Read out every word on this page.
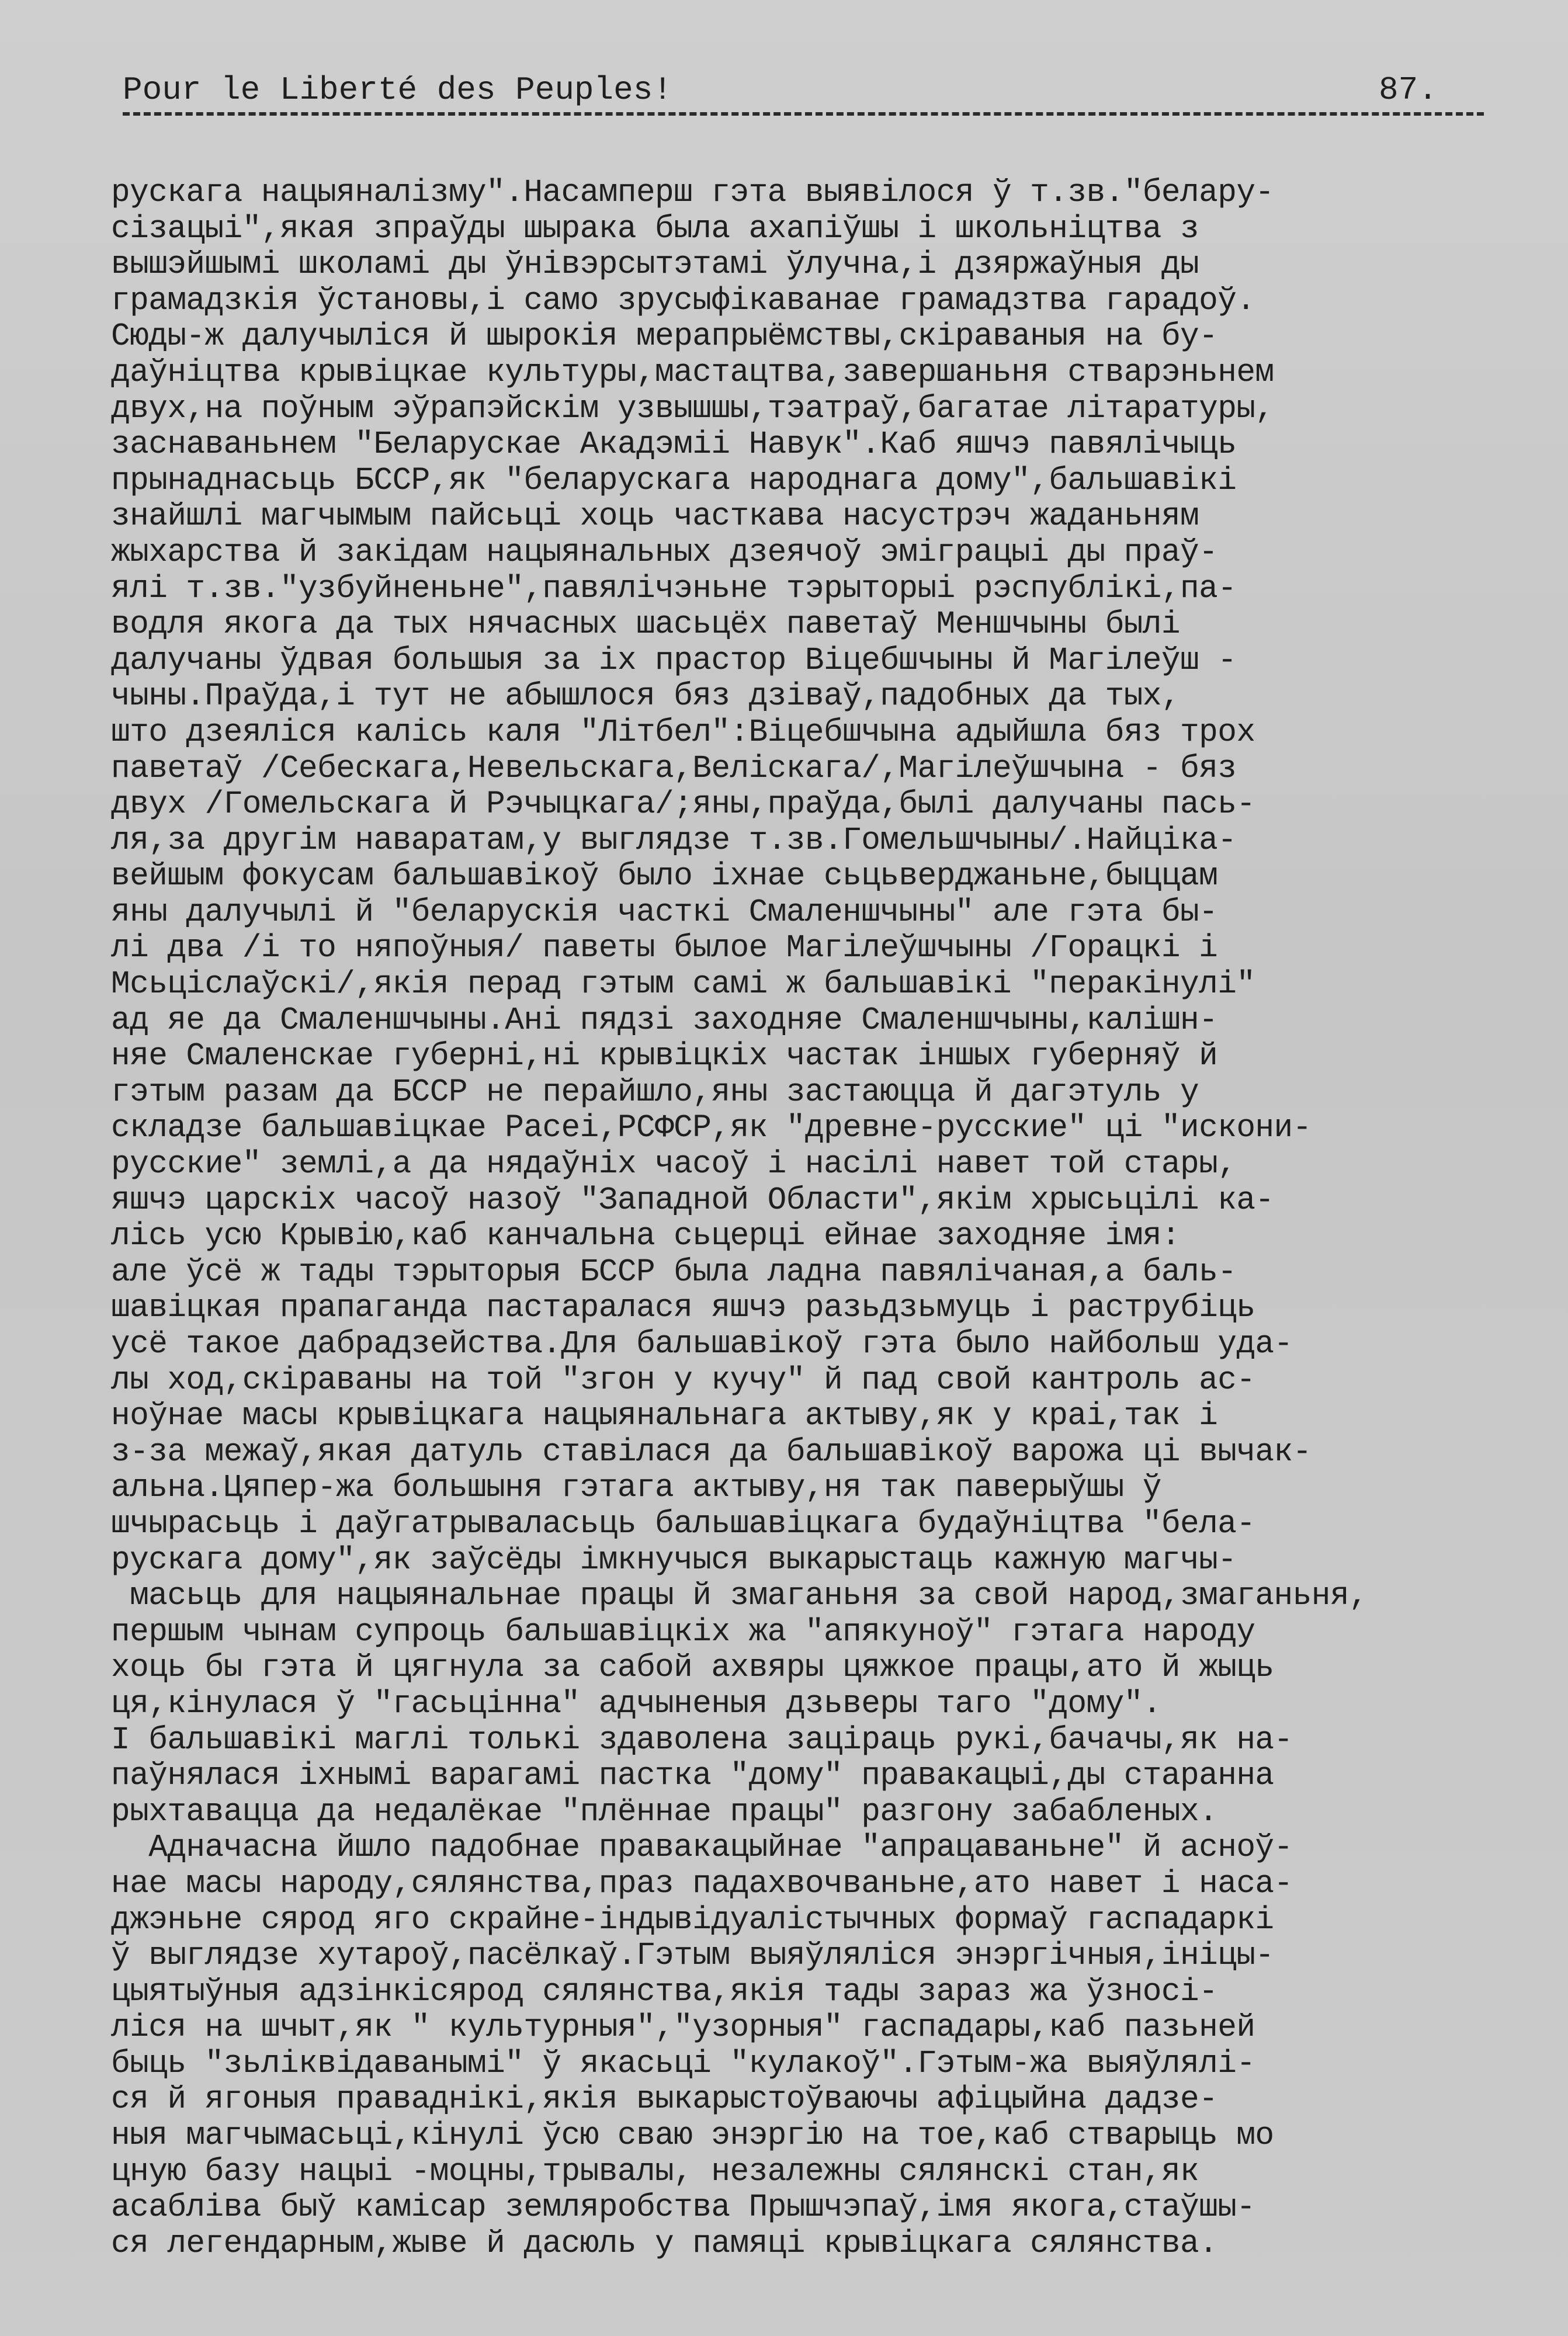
Pour le Liberté des Peuples!	87.
рускага нацыяналізму".Насамперш гэта выявілося ў т.зв."белару-
сізацыі",якая зпраўды шырака была ахапіўшы і школьніцтва з
вышэйшымі школамі ды ўнівэрсытэтамі ўлучна,і дзяржаўныя ды
грамадзкія ўстановы,і само зрусыфікаванае грамадзтва гарадоў.
Сюды-ж далучыліся й шырокія мерапрыёмствы,скіраваныя на бу-
даўніцтва крывіцкае культуры,мастацтва,завершаньня стварэньнем
двух,на поўным эўрапэйскім узвышшы,тэатраў,багатае літаратуры,
заснаваньнем "Беларускае Акадэміі Навук".Каб яшчэ павялічыць
прынаднасьць БССР,як "беларускага народнага дому",бальшавікі
знайшлі магчымым пайсьці хоць часткава насустрэч жаданьням
жыхарства й закідам нацыянальных дзеячоў эміграцыі ды праў-
ялі т.зв."узбуйненьне",павялічэньне тэрыторыі рэспублікі,па-
водля якога да тых нячасных шасьцёх паветаў Меншчыны былі
далучаны ўдвая большыя за іх прастор Віцебшчыны й Магілеўш -
чыны.Праўда,і тут не абышлося бяз дзіваў,падобных да тых,
што дзеяліся калісь каля "Літбел":Віцебшчына адыйшла бяз трох
паветаў /Себескага,Невельскага,Веліскага/,Магілеўшчына - бяз
двух /Гомельскага й Рэчыцкага/;яны,праўда,былі далучаны пась-
ля,за другім наваратам,у выглядзе т.зв.Гомельшчыны/.Найціка-
вейшым фокусам бальшавікоў было іхнае сьцьверджаньне,быццам
яны далучылі й "беларускія часткі Смаленшчыны" але гэта бы-
лі два /і то няпоўныя/ паветы былое Магілеўшчыны /Горацкі і
Мсьціслаўскі/,якія перад гэтым самі ж бальшавікі "перакінулі"
ад яе да Смаленшчыны.Ані пядзі заходняе Смаленшчыны,калішн-
няе Смаленскае губерні,ні крывіцкіх частак іншых губерняў й
гэтым разам да БССР не перайшло,яны застаюцца й дагэтуль у
складзе бальшавіцкае Расеі,РСФСР,як "древне-русские" ці "искони-
русские" землі,а да нядаўніх часоў і насілі навет той стары,
яшчэ царскіх часоў назоў "Западной Области",якім хрысьцілі ка-
лісь усю Крывію,каб канчальна сьцерці ейнае заходняе імя:
але ўсё ж тады тэрыторыя БССР была ладна павялічаная,а баль-
шавіцкая прапаганда пастаралася яшчэ разьдзьмуць і раструбіць
усё такое дабрадзейства.Для бальшавікоў гэта было найбольш уда-
лы ход,скіраваны на той "згон у кучу" й пад свой кантроль ас-
ноўнае масы крывіцкага нацыянальнага актыву,як у краі,так і
з-за межаў,якая датуль ставілася да бальшавікоў варожа ці вычак-
альна.Цяпер-жа большыня гэтага актыву,ня так паверыўшы ў
шчырасьць і даўгатрываласьць бальшавіцкага будаўніцтва "бела-
рускага дому",як заўсёды імкнучыся выкарыстаць кажную магчы-
масьць для нацыянальнае працы й змаганьня за свой народ,змаганьня,
першым чынам супроць бальшавіцкіх жа "апякуноў" гэтага народу
хоць бы гэта й цягнула за сабой ахвяры цяжкое працы,ато й жыць
ця,кінулася ў "гасьцінна" адчыненыя дзьверы таго "дому".
І бальшавікі маглі толькі здаволена заціраць рукі,бачачы,як на-
паўнялася іхнымі варагамі пастка "дому" правакацыі,ды старанна
рыхтавацца да недалёкае "плённае працы" разгону забабленых.
Адначасна йшло падобнае правакацыйнае "апрацаваньне" й асноў-
нае масы народу,сялянства,праз падахвочваньне,ато навет і наса-
джэньне сярод яго скрайне-індывідуалістычных формаў гаспадаркі
ў выглядзе хутароў,пасёлкаў.Гэтым выяўляліся энэргічныя,ініцы-
цыятыўныя адзінкісярод сялянства,якія тады зараз жа ўзносі-
ліся на шчыт,як " культурныя","узорныя" гаспадары,каб пазьней
быць "зьліквідаванымі" ў якасьці "кулакоў".Гэтым-жа выяўлялі-
ся й ягоныя праваднікі,якія выкарыстоўваючы афіцыйна дадзе-
ныя магчымасьці,кінулі ўсю сваю энэргію на тое,каб стварыць мо
цную базу нацыі -моцны,трывалы, незалежны сялянскі стан,як
асабліва быў камісар земляробства Прышчэпаў,імя якога,стаўшы-
ся легендарным,жыве й дасюль у памяці крывіцкага сялянства.
